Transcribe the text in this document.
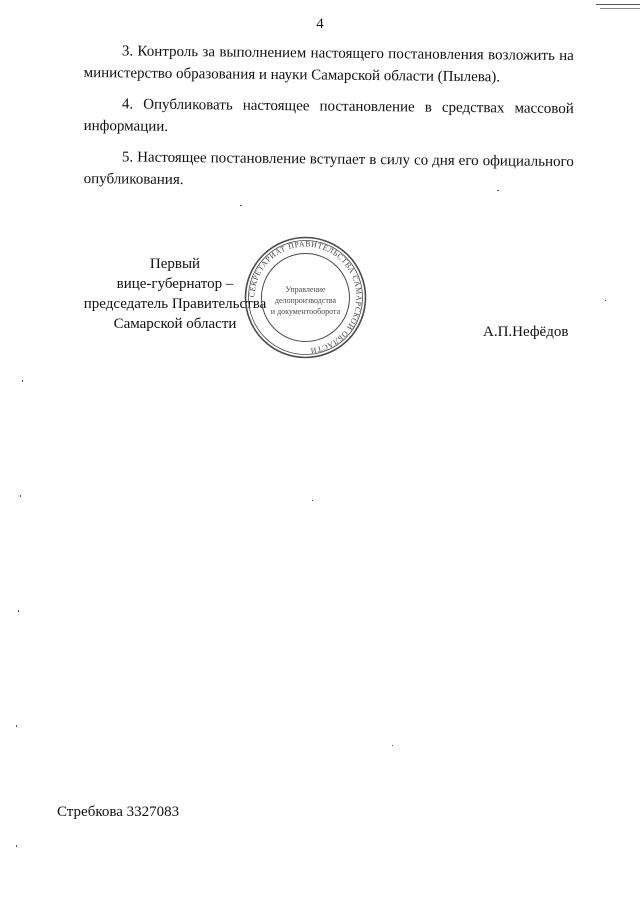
4

3. Контроль за выполнением настоящего постановления возложить на министерство образования и науки Самарской области (Пылева).

4. Опубликовать настоящее постановление в средствах массовой информации.

5. Настоящее постановление вступает в силу со дня его официального опубликования.

Первый
вице-губернатор –
председатель Правительства
Самарской области
СЕКРЕТАРИАТ ПРАВИТЕЛЬСТВА САМАРСКОЙ ОБЛАСТИ
Управление
делопроизводства
и документооборота
А.П.Нефёдов
Стребкова 3327083
